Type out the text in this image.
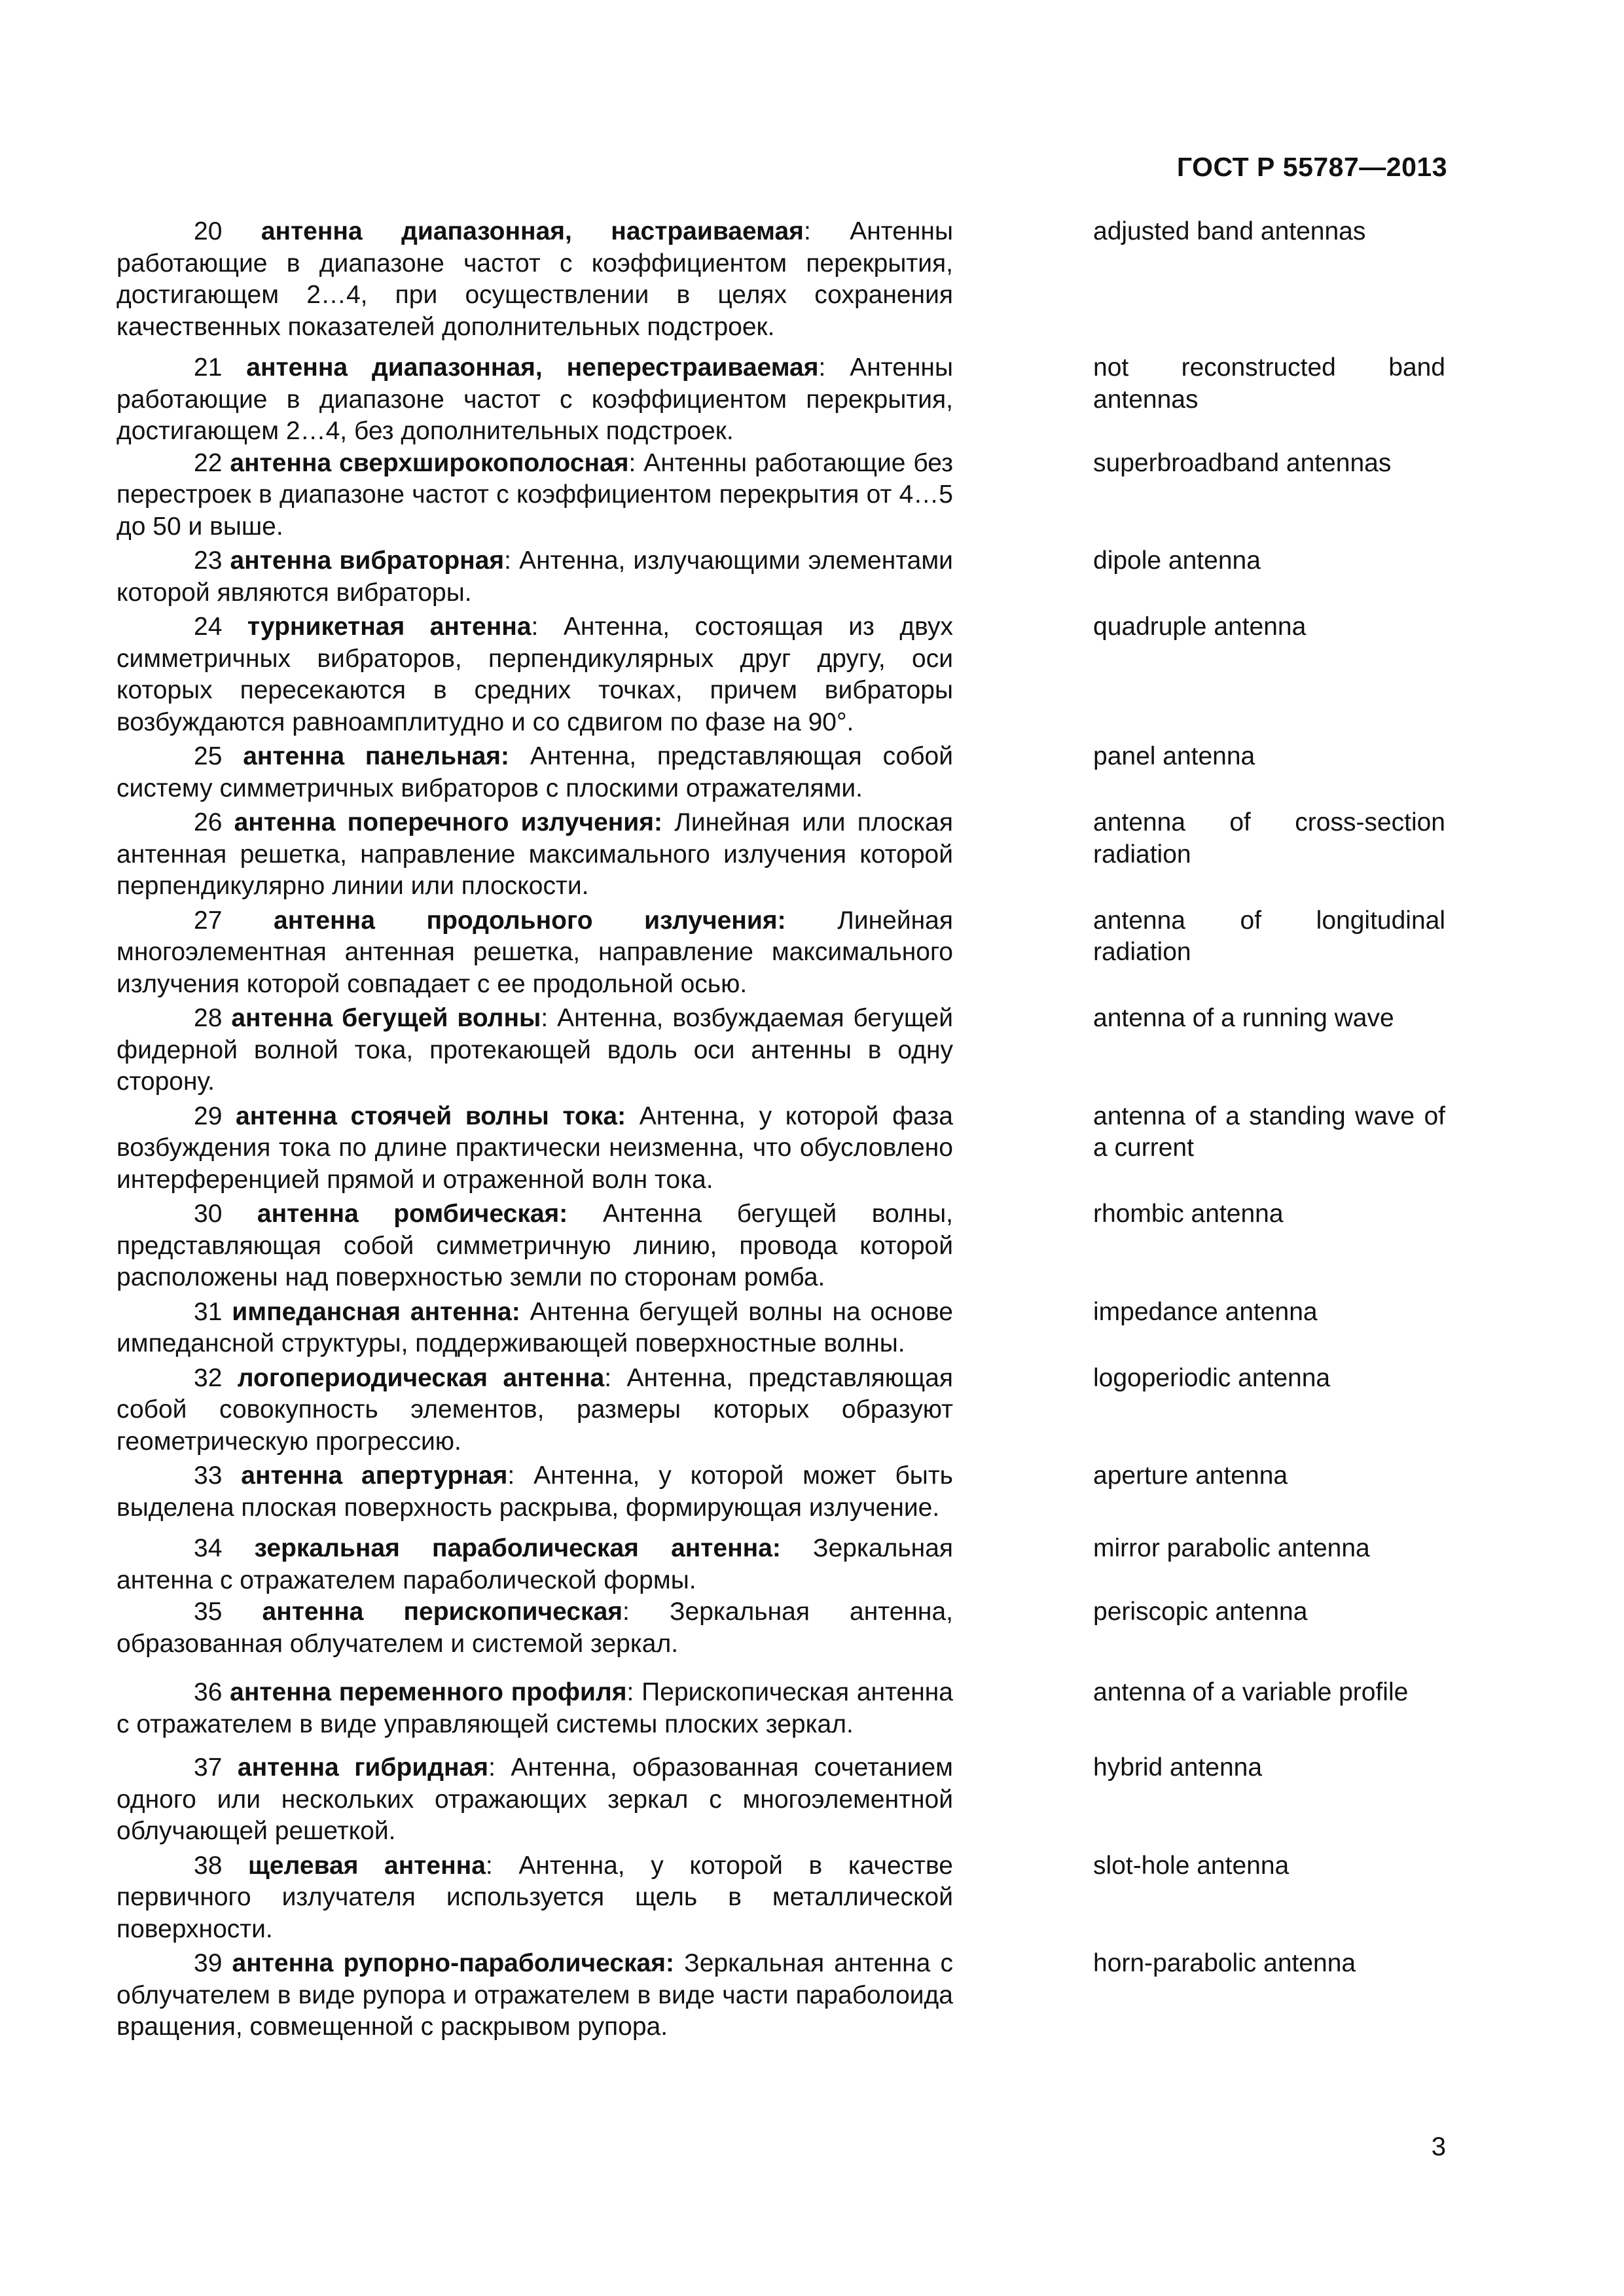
ГОСТ Р 55787—2013
20 антенна диапазонная, настраиваемая: Антенны работающие в диапазоне частот с коэффициентом перекрытия, достигающем 2…4, при осуществлении в целях сохранения качественных показателей дополнительных подстроек.
adjusted band antennas
21 антенна диапазонная, неперестраиваемая: Антенны работающие в диапазоне частот с коэффициентом перекрытия, достигающем 2…4, без дополнительных подстроек.
not reconstructed band antennas
22 антенна сверхширокополосная: Антенны работающие без перестроек в диапазоне частот с коэффициентом перекрытия от 4…5 до 50 и выше.
superbroadband antennas
23 антенна вибраторная: Антенна, излучающими элементами которой являются вибраторы.
dipole antenna
24 турникетная антенна: Антенна, состоящая из двух симметричных вибраторов, перпендикулярных друг другу, оси которых пересекаются в средних точках, причем вибраторы возбуждаются равноамплитудно и со сдвигом по фазе на 90°.
quadruple antenna
25 антенна панельная: Антенна, представляющая собой систему симметричных вибраторов с плоскими отражателями.
panel antenna
26 антенна поперечного излучения: Линейная или плоская антенная решетка, направление максимального излучения которой перпендикулярно линии или плоскости.
antenna of cross-section radiation
27 антенна продольного излучения: Линейная многоэлементная антенная решетка, направление максимального излучения которой совпадает с ее продольной осью.
antenna of longitudinal radiation
28 антенна бегущей волны: Антенна, возбуждаемая бегущей фидерной волной тока, протекающей вдоль оси антенны в одну сторону.
antenna of a running wave
29 антенна стоячей волны тока: Антенна, у которой фаза возбуждения тока по длине практически неизменна, что обусловлено интерференцией прямой и отраженной волн тока.
antenna of a standing wave of a current
30 антенна ромбическая: Антенна бегущей волны, представляющая собой симметричную линию, провода которой расположены над поверхностью земли по сторонам ромба.
rhombic antenna
31 импедансная антенна: Антенна бегущей волны на основе импедансной структуры, поддерживающей поверхностные волны.
impedance antenna
32 логопериодическая антенна: Антенна, представляющая собой совокупность элементов, размеры которых образуют геометрическую прогрессию.
logoperiodic antenna
33 антенна апертурная: Антенна, у которой может быть выделена плоская поверхность раскрыва, формирующая излучение.
aperture antenna
34 зеркальная параболическая антенна: Зеркальная антенна с отражателем параболической формы.
mirror parabolic antenna
35 антенна перископическая: Зеркальная антенна, образованная облучателем и системой зеркал.
periscopic antenna
36 антенна переменного профиля: Перископическая антенна с отражателем в виде управляющей системы плоских зеркал.
antenna of a variable profile
37 антенна гибридная: Антенна, образованная сочетанием одного или нескольких отражающих зеркал с многоэлементной облучающей решеткой.
hybrid antenna
38 щелевая антенна: Антенна, у которой в качестве первичного излучателя используется щель в металлической поверхности.
slot-hole antenna
39 антенна рупорно-параболическая: Зеркальная антенна с облучателем в виде рупора и отражателем в виде части параболоида вращения, совмещенной с раскрывом рупора.
horn-parabolic antenna
3
